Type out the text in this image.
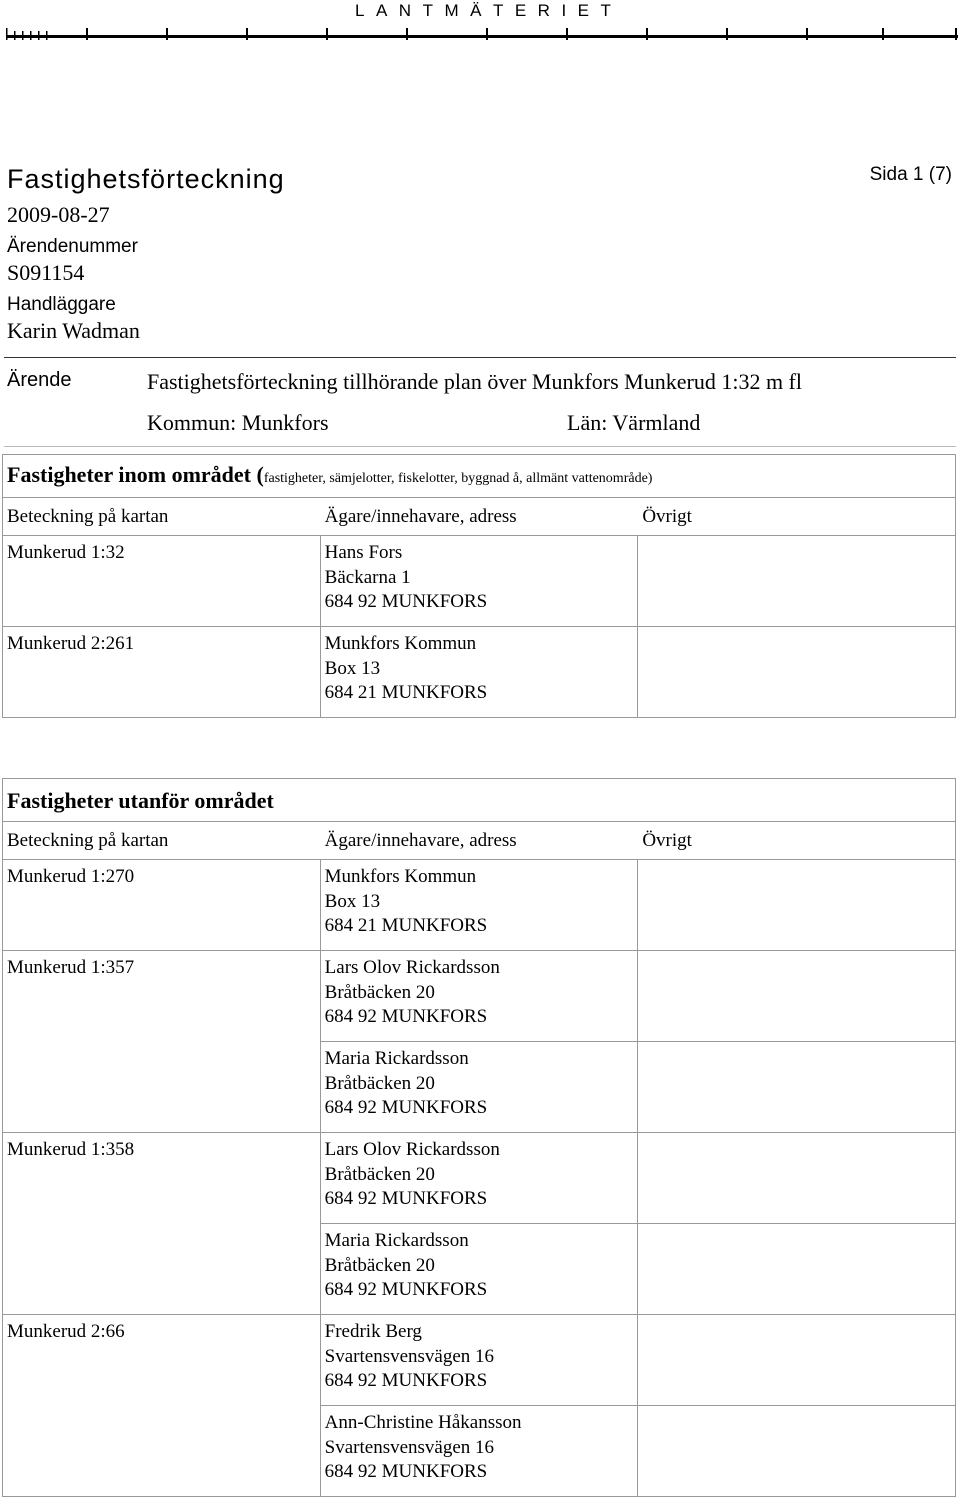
LANTMÄTERIET
Fastighetsförteckning	Sida 1 (7)
2009-08-27
Ärendenummer
S091154
Handläggare
Karin Wadman
Ärende	Fastighetsförteckning tillhörande plan över Munkfors Munkerud 1:32 m fl
Kommun: Munkfors	Län: Värmland
Fastigheter inom området (fastigheter, sämjelotter, fiskelotter, byggnad å, allmänt vattenområde)		
Beteckning på kartan	Ägare/innehavare, adress	Övrigt
Munkerud 1:32	Hans Fors
Bäckarna 1
684 92 MUNKFORS	

Munkerud 2:261	Munkfors Kommun
Box 13
684 21 MUNKFORS	

Fastigheter utanför området		
Beteckning på kartan	Ägare/innehavare, adress	Övrigt
Munkerud 1:270	Munkfors Kommun
Box 13
684 21 MUNKFORS	

Munkerud 1:357	Lars Olov Rickardsson
Bråtbäcken 20
684 92 MUNKFORS	

	Maria Rickardsson
Bråtbäcken 20
684 92 MUNKFORS	

Munkerud 1:358	Lars Olov Rickardsson
Bråtbäcken 20
684 92 MUNKFORS	

	Maria Rickardsson
Bråtbäcken 20
684 92 MUNKFORS	

Munkerud 2:66	Fredrik Berg
Svartensvensvägen 16
684 92 MUNKFORS	

	Ann-Christine Håkansson
Svartensvensvägen 16
684 92 MUNKFORS	
